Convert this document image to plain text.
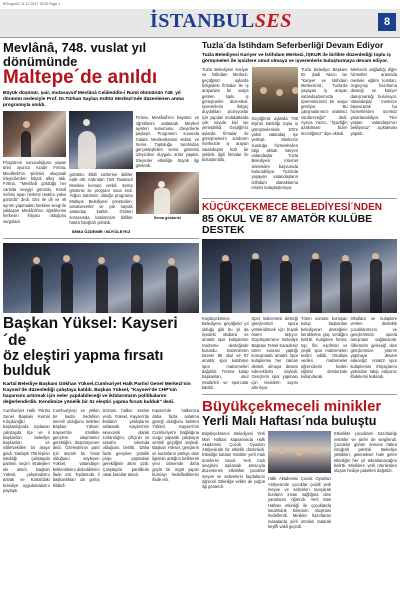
BSLayout1 11.12.2017 15:20 Page 1
İSTANBULSES	8
Mevlânâ, 748. vuslat yıl dönümünde
Maltepe´de anıldı

Büyük düşünür, şair, mutasavvıf Mevlânâ Celâleddîn-i Rumî ölümünün 748. yıl dönümü nedeniyle Prof. Dr.Türkan Saylan Kültür Merkezi'nde düzenlenen anma programıyla anıldı.

Programın sunuculuğunu yapan ünlü oyuncu Azade Fırtına, Mevlânâ'nın şiirlerini okuyarak izleyicilerden büyük alkış aldı. Fırtına, "Mevlânâ gördüğü her canlıda sevgiyi görürdü, Kendi nefsini aşan herkesi Hakk'a yakın görürdü" dedi. Dini ile dil ve ırk ayrımı yapmadan herkese sevgi ile yaklaşan Mevlânâ'nın öğretilerine herkesin ihtiyacı olduğunu vurguladı.

gözüktü. Etkili sözlerine ilahiler eşlik etti. Ardından Türk Tasavvuf Musikisi konseri verildi. Sema gösterisi ile program sona erdi. Yoğun katılımın olduğu programa Maltepe Belediyesi yöneticileri, sanatseverler ve çok sayıda vatandaş katıldı. Gösteri sonrasında katılımcılar birlikte hatıra fotoğrafı çektirdi.

SEMA ÖZDEMİR / BÜYÜLEYİCİ

Fırtına, Mevlânâ'nın hayatını ve öğretilerini anlatarak Mevlevî ayinleri sunumunu izleyicilerle paylaştı. Programın sonunda Galata Mevlevihanesi Kültür ve Sema Topluluğu tarafından gerçekleştirilen sema gösterisi izleyicilere duygulu anlar yaşattı. Izleyiciler etkinliğe büyük ilgi gösterdi.

Sema gösterisi
Başkan Yüksel: Kayseri´de
öz eleştiri yapma fırsatı bulduk

Kartal Belediye Başkanı Gökhan Yüksel,Cumhuriyet Halk Partisi Genel Merkezi'nin Kayseri'de düzenlediği çalıştaya katıldı. Başkan Yüksel, "Kayseri'de CHP'nin başarısını artırmak için neler yapılabileceği ve iktidarımızın politikalarını değerlendirdik. Kendimize yönelik bir öz eleştiri yapma fırsatı bulduk" dedi.

Cumhuriyet Halk Partisi Genel Başkanı Kemal Kılıçdaroğlu başkanlığında toplanan çalıştayda ilçe ve il başkanları, belediye başkanları ve milletvekilleri bir araya geldi. Yaklaşık 700 kişinin katıldığı çalıştayda partinin seçim stratejileri ele alındı. Başkan Yüksel, çalışmalarını anlattı ve Kartal'daki belediye uygulamalarını paylaştı.

Cumhuriyetçi ve yetkin bir kadro hedefinin önemli olduğunu belirten Başkan Yüksel, Kayseri'de özellikle gençlere ulaşmamız gerektiğini düşünüyorum dedi. Özeleştirinin parti için önemli bir fırsat olduğunu söyleyen Yüksel, vatandaşın beklentilerini dinlediklerini ifade etti. Toplantıda il başkanlıkları da görüş bildirdi.

Sözünü halkın sesine verdi. Yüksel, Kayseri'de iktidarın yanlışlarını anlatarak Kayseri'nin ekonomik olarak zorlandığını, çiftçinin ve esnafın sıkıntıda olduğunu belirtti. Daha fazla gençlere yönelik proje yapmaları gerektiğinin altını çizdi. Çalıştayda partililerle ortak kararlar alındı.

Kayseri'de halkımıza daha fazla anlatma gereği olduğunu belirten Yüksel, Kayseri'nin Cumhuriyet'e bağlılığına vurgu yaparak çalıştayın verimli geçtiğini söyledi. Başkan Yüksel, gençlerin ve kadınların partiye olan ilgisinin arttığını belirterek yeni dönemde daha güçlü bir örgüt yapısı kurmayı hedeflediklerini ifade etti.

Tuzla´da İstihdam Seferberliği Devam Ediyor

Tuzla Belediyesi Kariyer ve İstihdam Merkezi, İŞKUR ile birlikte düzenlediği toplu iş görüşmeleri ile işsizlere umut olmaya ve işverenlerle buluşturmaya devam ediyor.

Tuzla Belediyesi Kariyer ve İstihdam Merkezi, geçtiğimiz aylarda bölgedeki firmalar ile iş arayanları bir araya getiren toplu iş görüşmeleri düzenledi. İşverenlerin ihtiyaç duydukları pozisyonlar için yapılan mülakatlarda çok sayıda kişi işe yerleştirildi. Geçtiğimiz aylarda firmalar ile görüşmelerini sürdüren merkezde iş arayan vatandaşlar hızlı bir şekilde ilgili firmalar ile buluşturuldu.

Geçtiğimiz aylarda 700 kişinin katıldığı toplu iş görüşmelerinde 100'e yakın vatandaş işe yerleşti. Merkezin sunduğu hizmetlerden bilgi almak isteyen vatandaşlar Tuzla Belediyesi internet sitesinden başvuruda bulunabiliyor. Tuzla'da yaşayan vatandaşların istihdam olanaklarına erişimi kolaylaştırılıyor.

Tuzla Belediye Başkanı Dr. Şadi Yazıcı ise "Kariyer ve İstihdam Merkezimiz, Tuzla'da yaşayan iş arayan vatandaşlarımızla işverenlerimizi bir araya getiriyor. Bu çalışmalarımızı aralıksız sürdüreceğiz" dedi. Ayrıca Yazıcı, "İşsizliğin azaltılması bizim önceliğimiz" diye ekledi.

Merkezin sağladığı diğer hizmetler arasında mesleki eğitim kursları, özgeçmiş hazırlama desteği ve kariyer danışmanlığı bulunuyor. Vatandaşlar merkeze başvurarak bu hizmetlerden ücretsiz yararlanabiliyor. "Her yaştan vatandaşımızı bekliyoruz" açıklaması yapıldı.

KÜÇÜKÇEKMECE BELEDİYESİ´NDEN
85 OKUL VE 87 AMATÖR KULÜBE DESTEK

Küçükçekmece Belediyesi, geçtiğimiz yıl olduğu gibi bu yıl da ilçedeki okullara ve amatör spor kulüplerine malzeme desteğinde bulundu. Düzenlenen törenle 85 okul ve 87 amatör spor kulübüne spor malzemeleri dağıtıldı. Törene kulüp başkanları, okul müdürleri ve sporcular katıldı.

Spor malzemesi desteği gençlerimizi spora yönlendirmek için büyük önem taşıyor. Küçükçekmece Belediye Başkanı Temel Karadeniz tören sonrası yaptığı konuşmada amatör spor kulüplerine her zaman destek olmaya devam edeceklerini söyledi. Gençlerin spor yapması için tesislerin sayısı artırılıyor.

Tören sonrası konuşan kulüp başkanları belediyenin desteğinin kendilerine güç verdiğini belirtti. Kulüplere forma, top, file, eşofman ve çeşitli spor malzemeleri teslim edildi. Okullara verilen malzemeler öğrencilerin beden eğitimi derslerinde kullanılacak.

Okullara ve kulüplere verilen destekle çocuklarımızın ve gençlerimizin sporla tanışması sağlanacak. Ülkemizin geleceği olan gençlerimize yatırım yapmaya devam edeceğiz. Amatör spor kulüplerinin ihtiyaçlarını yakından takip ediyoruz ifadelerini kullandı.

Büyükçekmeceli minikler
Yerli Malı Haftası´nda buluştu

Büyükçekmece Belediyesi Yerli Malı Haftası kapsamında Halk Akademisi Çocuk Oyunları Atölyesinde bir etkinlik düzenledi. Etkinliğe katılan minikler yerli malı ürünlerini tanıdı. Yerli malı sevgisini aşılamak amacıyla düzenlenen etkinlikte çocuklar meyve ve sebzelerin faydalarını öğrendi. Etkinliğe veliler de yoğun ilgi gösterdi.

Halk Akademisi Çocuk Oyunları Atölyesinde çocuklar çeşitli yerli meyve ve sebzeleri tanıyarak bunların insan sağlığına olan yararlarını öğrendi. Yerli Malı Haftası etkinliği ile çocuklarda tutumluluk bilincinin oluşması hedeflendi. Minikler hazırlanan masalarda yerli ürünleri tadarak keyifli vakit geçirdi.

Etkinlikte çocukların hazırladığı resimler ve şiirler de sergilendi. Çocuklar günün anısına hatıra fotoğrafı çektirdi. Belediye yetkilileri, geleneksel hale gelen etkinliğin her yıl tekrarlanacağını belirtti. Miniklere yerli ürünlerden oluşan hediye paketleri dağıtıldı.
